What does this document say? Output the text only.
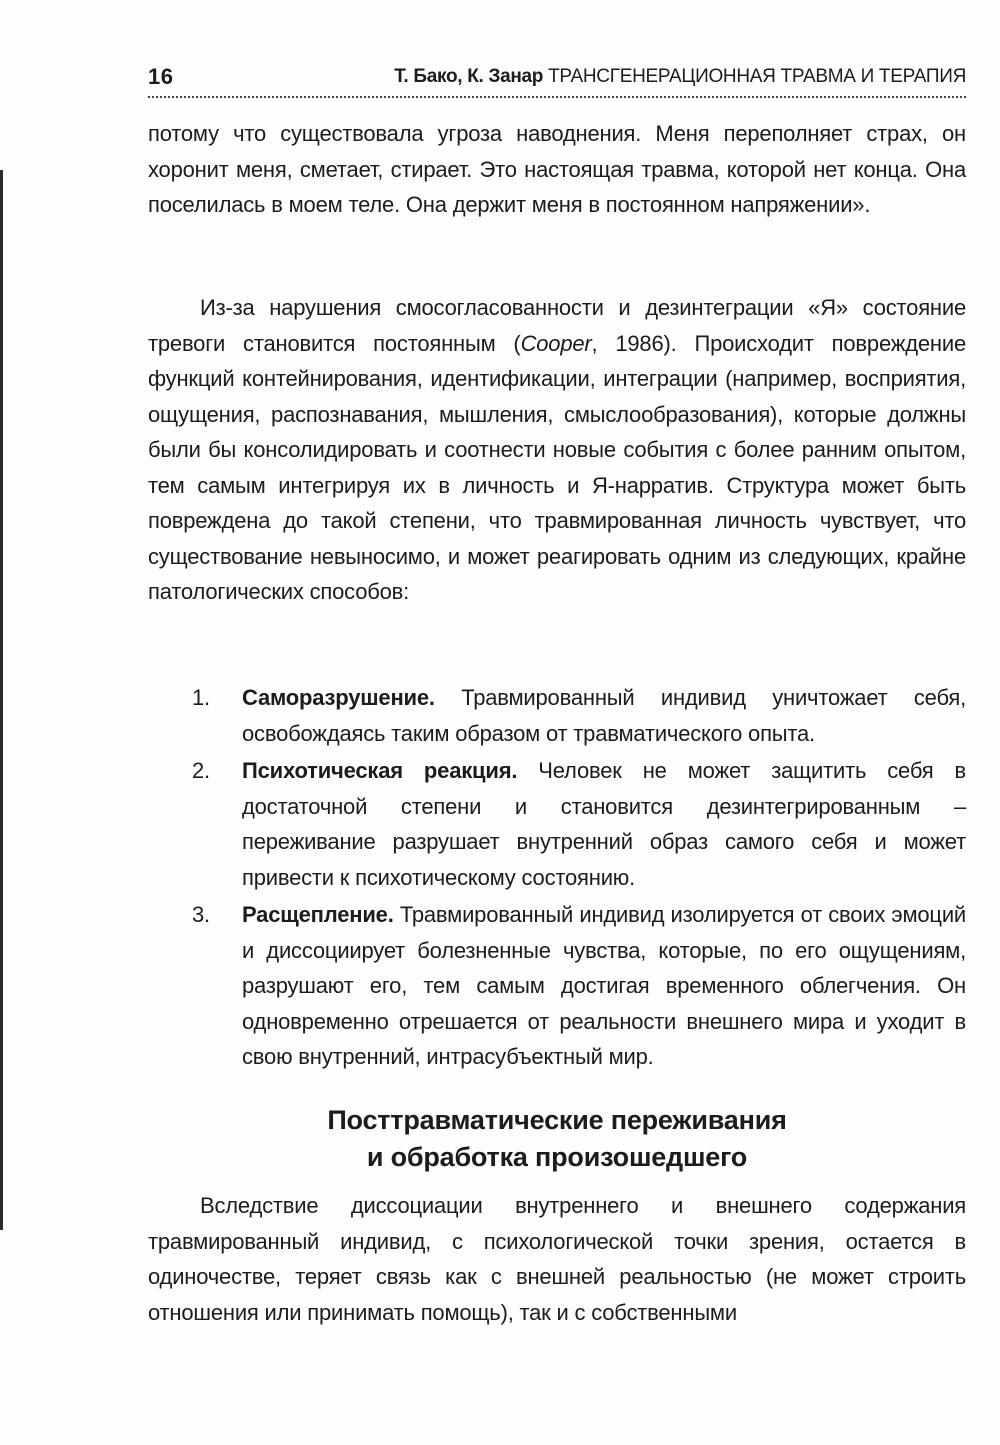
16	Т. Бако, К. Занар ТРАНСГЕНЕРАЦИОННАЯ ТРАВМА И ТЕРАПИЯ

потому что существовала угроза наводнения. Меня переполняет страх, он хоронит меня, сметает, стирает. Это настоящая травма, которой нет конца. Она поселилась в моем теле. Она держит меня в постоянном напряжении».

Из-за нарушения смосогласованности и дезинтеграции «Я» состояние тревоги становится постоянным (Cooper, 1986). Происходит повреждение функций контейнирования, идентификации, интеграции (например, восприятия, ощущения, распознавания, мышления, смыслообразования), которые должны были бы консолидировать и соотнести новые события с более ранним опытом, тем самым интегрируя их в личность и Я-нарратив. Структура может быть повреждена до такой степени, что травмированная личность чувствует, что существование невыносимо, и может реагировать одним из следующих, крайне патологических способов:

1. Саморазрушение. Травмированный индивид уничтожает себя, освобождаясь таким образом от травматического опыта.
2. Психотическая реакция. Человек не может защитить себя в достаточной степени и становится дезинтегрированным – переживание разрушает внутренний образ самого себя и может привести к психотическому состоянию.
3. Расщепление. Травмированный индивид изолируется от своих эмоций и диссоциирует болезненные чувства, которые, по его ощущениям, разрушают его, тем самым достигая временного облегчения. Он одновременно отрешается от реальности внешнего мира и уходит в свою внутренний, интрасубъектный мир.
Посттравматические переживания
и обработка произошедшего

Вследствие диссоциации внутреннего и внешнего содержания травмированный индивид, с психологической точки зрения, остается в одиночестве, теряет связь как с внешней реальностью (не может строить отношения или принимать помощь), так и с собственными
